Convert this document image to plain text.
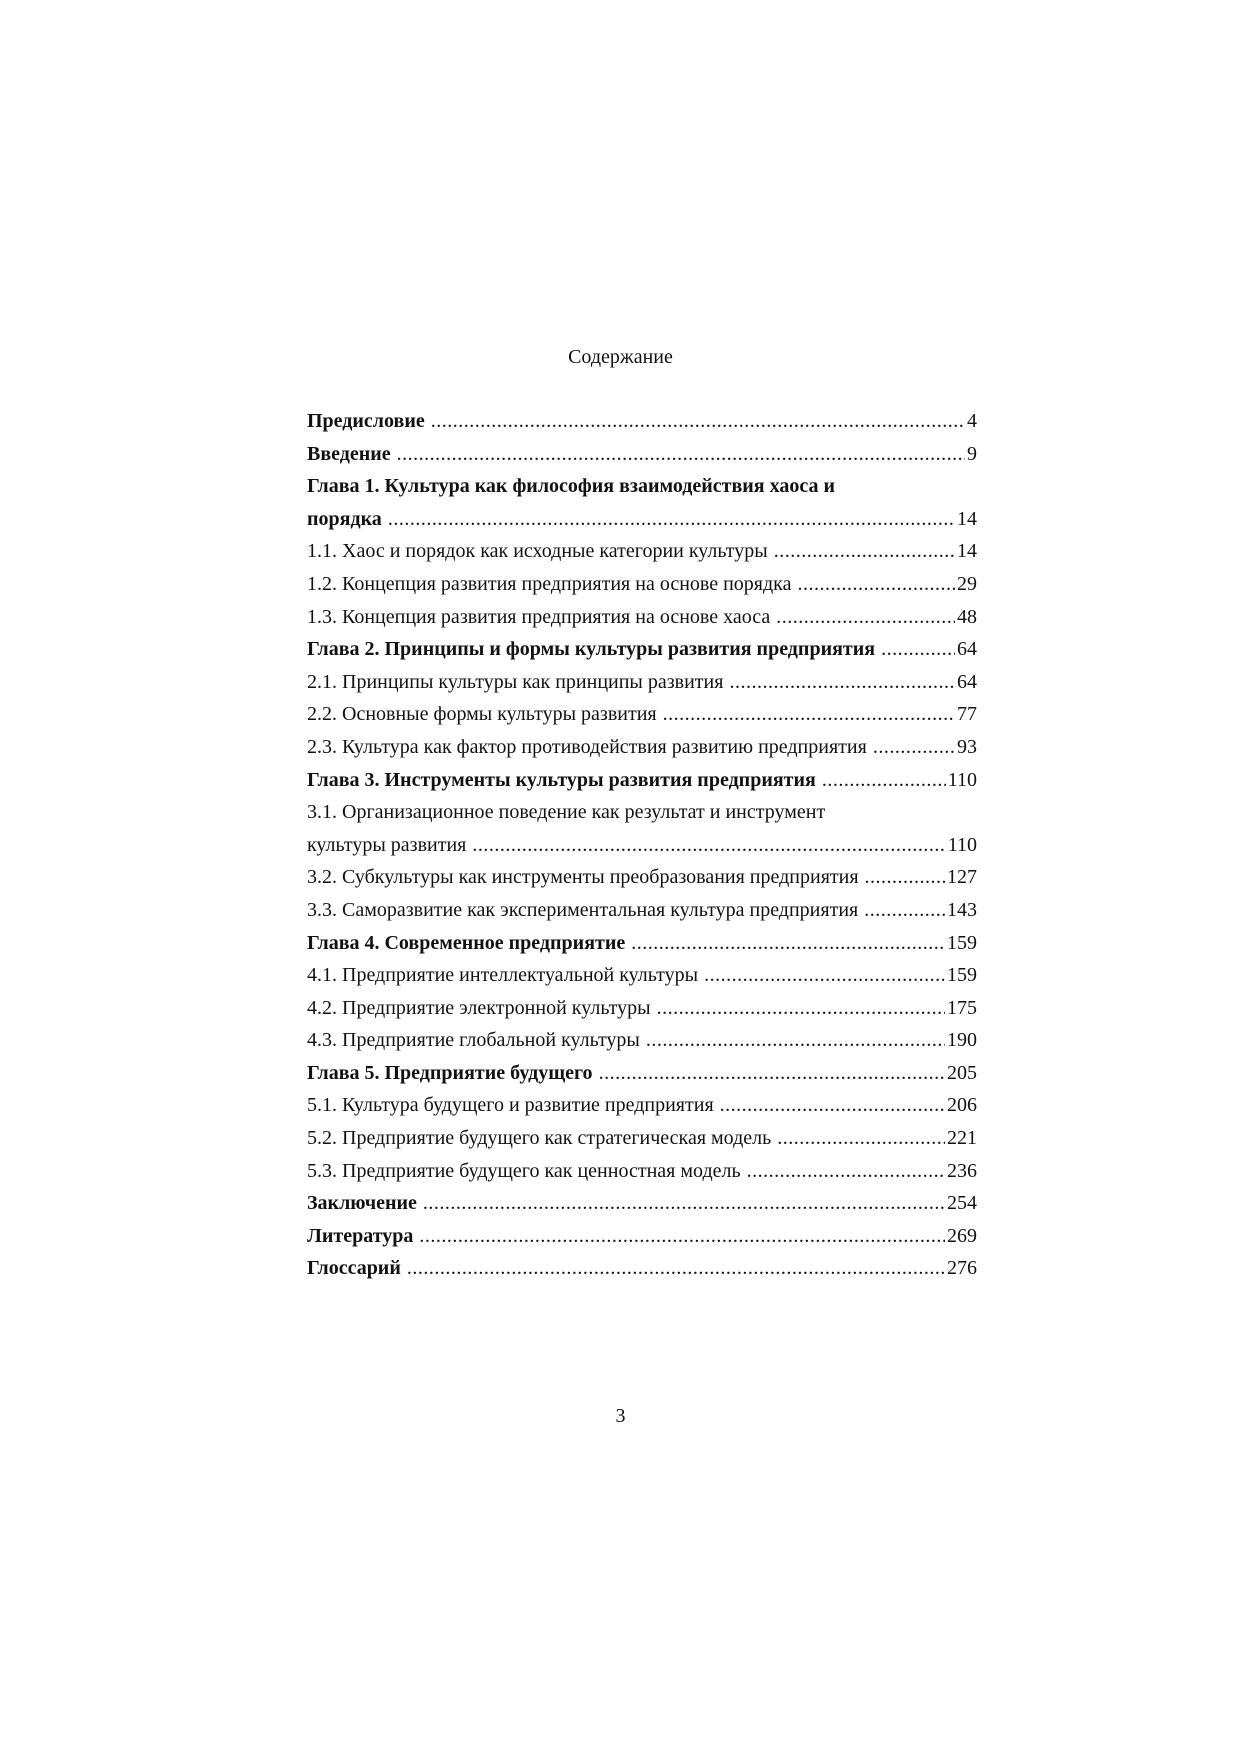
Содержание
Предисловие .....	4
Введение .....	9
Глава 1. Культура как философия взаимодействия хаоса и
порядка .....	14
1.1. Хаос и порядок как исходные категории культуры .....	14
1.2. Концепция развития предприятия на основе порядка .....	29
1.3. Концепция развития предприятия на основе хаоса .....	48
Глава 2. Принципы и формы культуры развития предприятия .....	64
2.1. Принципы культуры как принципы развития .....	64
2.2. Основные формы культуры развития .....	77
2.3. Культура как фактор противодействия развитию предприятия .....	93
Глава 3. Инструменты культуры развития предприятия .....	110
3.1. Организационное поведение как результат и инструмент
культуры развития .....	110
3.2. Субкультуры как инструменты преобразования предприятия .....	127
3.3. Саморазвитие как экспериментальная культура предприятия .....	143
Глава 4. Современное предприятие .....	159
4.1. Предприятие интеллектуальной культуры .....	159
4.2. Предприятие электронной культуры .....	175
4.3. Предприятие глобальной культуры .....	190
Глава 5. Предприятие будущего .....	205
5.1. Культура будущего и развитие предприятия .....	206
5.2. Предприятие будущего как стратегическая модель .....	221
5.3. Предприятие будущего как ценностная модель .....	236
Заключение .....	254
Литература .....	269
Глоссарий .....	276
3
